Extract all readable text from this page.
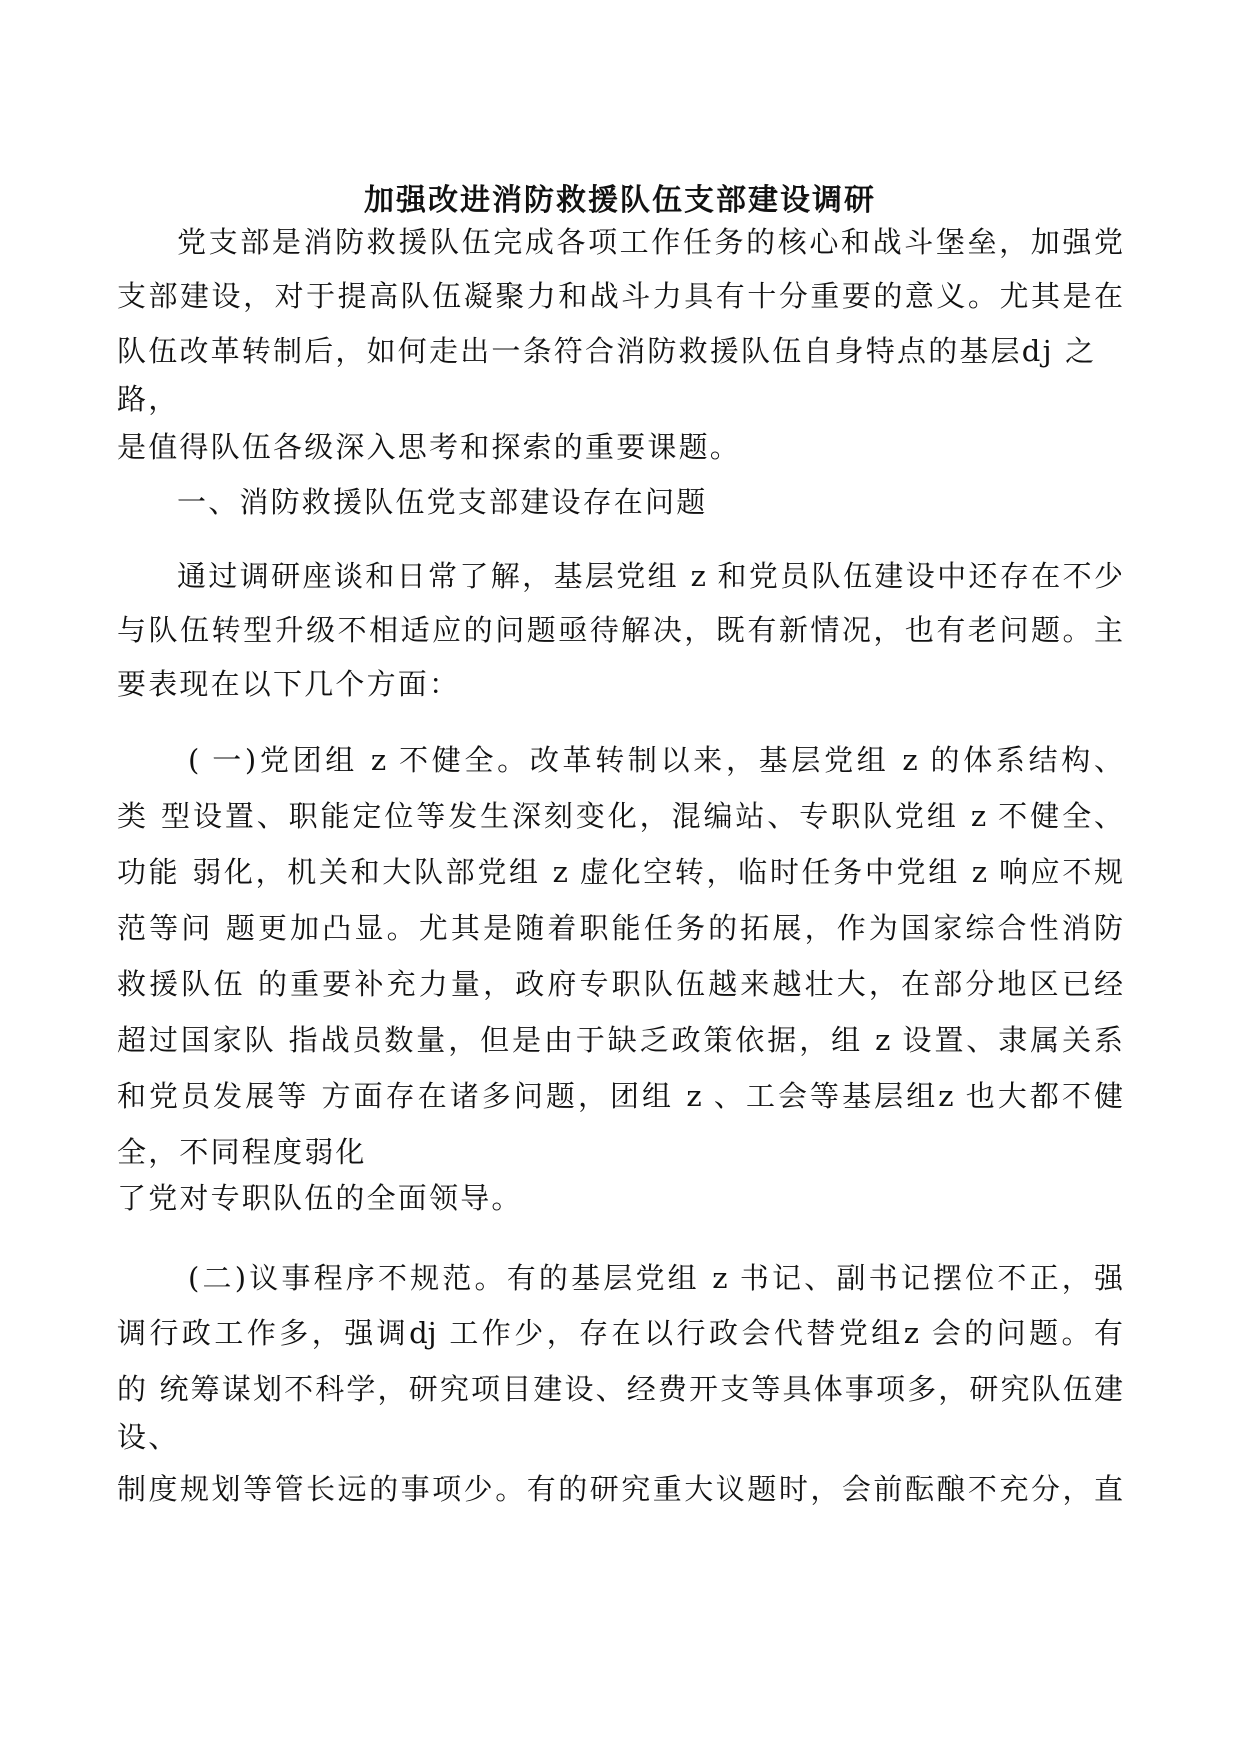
加强改进消防救援队伍支部建设调研
党支部是消防救援队伍完成各项工作任务的核心和战斗堡垒，加强党
支部建设，对于提高队伍凝聚力和战斗力具有十分重要的意义。尤其是在
队伍改革转制后，如何走出一条符合消防救援队伍自身特点的基层dj 之
路，
是值得队伍各级深入思考和探索的重要课题。
一、消防救援队伍党支部建设存在问题
通过调研座谈和日常了解，基层党组 z 和党员队伍建设中还存在不少
与队伍转型升级不相适应的问题亟待解决，既有新情况，也有老问题。主
要表现在以下几个方面：
( 一)党团组 z 不健全。改革转制以来，基层党组 z 的体系结构、
类 型设置、职能定位等发生深刻变化，混编站、专职队党组 z 不健全、
功能 弱化，机关和大队部党组 z 虚化空转，临时任务中党组 z 响应不规
范等问 题更加凸显。尤其是随着职能任务的拓展，作为国家综合性消防
救援队伍 的重要补充力量，政府专职队伍越来越壮大，在部分地区已经
超过国家队 指战员数量，但是由于缺乏政策依据，组 z 设置、隶属关系
和党员发展等 方面存在诸多问题，团组 z 、工会等基层组z 也大都不健
全，不同程度弱化
了党对专职队伍的全面领导。
(二)议事程序不规范。有的基层党组 z 书记、副书记摆位不正，强
调行政工作多，强调dj 工作少，存在以行政会代替党组z 会的问题。有
的 统筹谋划不科学，研究项目建设、经费开支等具体事项多，研究队伍建
设、
制度规划等管长远的事项少。有的研究重大议题时，会前酝酿不充分，直
